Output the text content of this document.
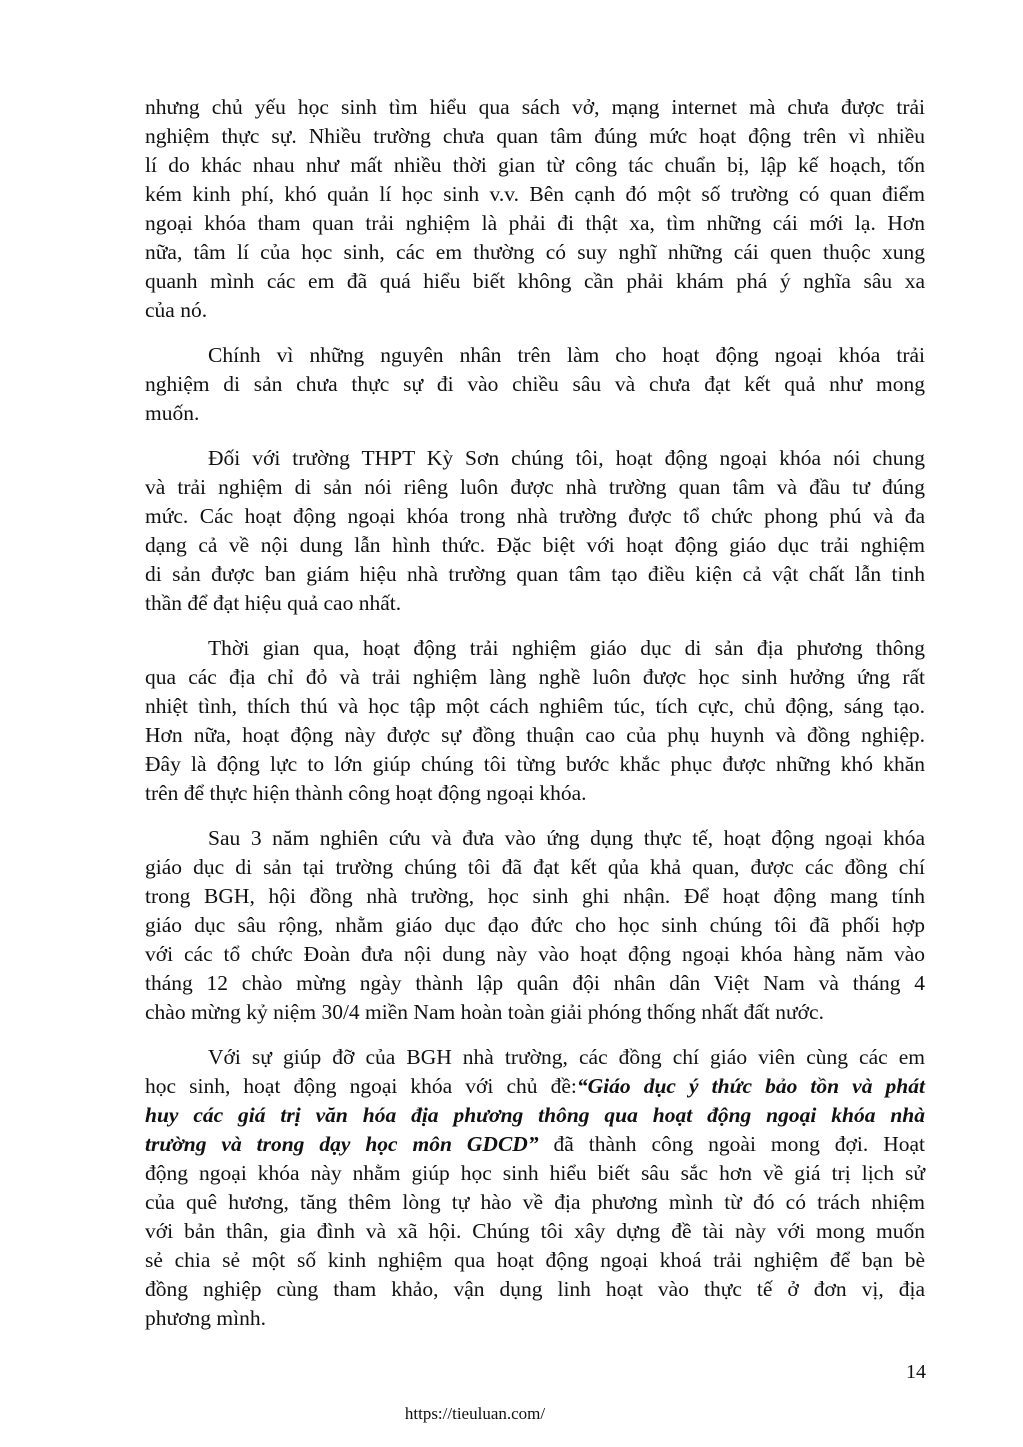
nhưng chủ yếu học sinh tìm hiểu qua sách vở, mạng internet mà chưa được trải
nghiệm thực sự. Nhiều trường chưa quan tâm đúng mức hoạt động trên vì nhiều
lí do khác nhau như mất nhiều thời gian từ công tác chuẩn bị, lập kế hoạch, tốn
kém kinh phí, khó quản lí học sinh v.v. Bên cạnh đó một số trường có quan điểm
ngoại khóa tham quan trải nghiệm là phải đi thật xa, tìm những cái mới lạ. Hơn
nữa, tâm lí của học sinh, các em thường có suy nghĩ những cái quen thuộc xung
quanh mình các em đã quá hiểu biết không cần phải khám phá ý nghĩa sâu xa
của nó.
Chính vì những nguyên nhân trên làm cho hoạt động ngoại khóa trải
nghiệm di sản chưa thực sự đi vào chiều sâu và chưa đạt kết quả như mong
muốn.
Đối với trường THPT Kỳ Sơn chúng tôi, hoạt động ngoại khóa nói chung
và trải nghiệm di sản nói riêng luôn được nhà trường quan tâm và đầu tư đúng
mức. Các hoạt động ngoại khóa trong nhà trường được tổ chức phong phú và đa
dạng cả về nội dung lẫn hình thức. Đặc biệt với hoạt động giáo dục trải nghiệm
di sản được ban giám hiệu nhà trường quan tâm tạo điều kiện cả vật chất lẫn tinh
thần để đạt hiệu quả cao nhất.
Thời gian qua, hoạt động trải nghiệm giáo dục di sản địa phương thông
qua các địa chỉ đỏ và trải nghiệm làng nghề luôn được học sinh hưởng ứng rất
nhiệt tình, thích thú và học tập một cách nghiêm túc, tích cực, chủ động, sáng tạo.
Hơn nữa, hoạt động này được sự đồng thuận cao của phụ huynh và đồng nghiệp.
Đây là động lực to lớn giúp chúng tôi từng bước khắc phục được những khó khăn
trên để thực hiện thành công hoạt động ngoại khóa.
Sau 3 năm nghiên cứu và đưa vào ứng dụng thực tế, hoạt động ngoại khóa
giáo dục di sản tại trường chúng tôi đã đạt kết qủa khả quan, được các đồng chí
trong BGH, hội đồng nhà trường, học sinh ghi nhận. Để hoạt động mang tính
giáo dục sâu rộng, nhằm giáo dục đạo đức cho học sinh chúng tôi đã phối hợp
với các tổ chức Đoàn đưa nội dung này vào hoạt động ngoại khóa hàng năm vào
tháng 12 chào mừng ngày thành lập quân đội nhân dân Việt Nam và tháng 4
chào mừng kỷ niệm 30/4 miền Nam hoàn toàn giải phóng thống nhất đất nước.
Với sự giúp đỡ của BGH nhà trường, các đồng chí giáo viên cùng các em
học sinh, hoạt động ngoại khóa với chủ đề:“Giáo dục ý thức bảo tồn và phát
huy các giá trị văn hóa địa phương thông qua hoạt động ngoại khóa nhà
trường và trong dạy học môn GDCD” đã thành công ngoài mong đợi. Hoạt
động ngoại khóa này nhằm giúp học sinh hiểu biết sâu sắc hơn về giá trị lịch sử
của quê hương, tăng thêm lòng tự hào về địa phương mình từ đó có trách nhiệm
với bản thân, gia đình và xã hội. Chúng tôi xây dựng đề tài này với mong muốn
sẻ chia sẻ một số kinh nghiệm qua hoạt động ngoại khoá trải nghiệm để bạn bè
đồng nghiệp cùng tham khảo, vận dụng linh hoạt vào thực tế ở đơn vị, địa
phương mình.
14
https://tieuluan.com/
